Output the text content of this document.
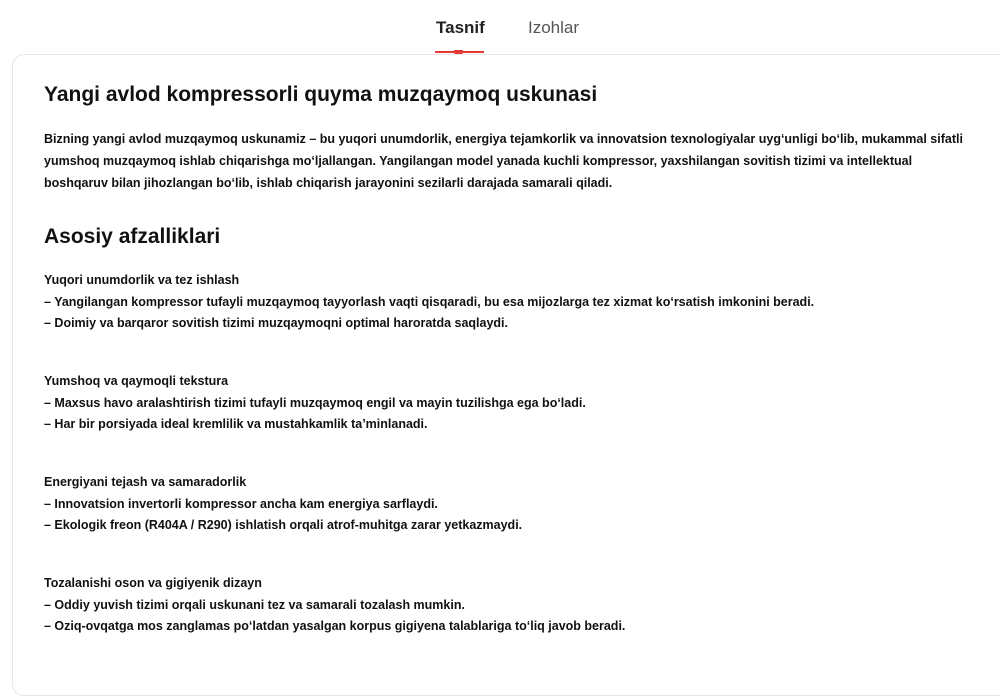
Tasnif	Izohlar
Yangi avlod kompressorli quyma muzqaymoq uskunasi

Bizning yangi avlod muzqaymoq uskunamiz – bu yuqori unumdorlik, energiya tejamkorlik va innovatsion texnologiyalar uyg‘unligi bo‘lib, mukammal sifatli yumshoq muzqaymoq ishlab chiqarishga mo‘ljallangan. Yangilangan model yanada kuchli kompressor, yaxshilangan sovitish tizimi va intellektual boshqaruv bilan jihozlangan bo‘lib, ishlab chiqarish jarayonini sezilarli darajada samarali qiladi.

Asosiy afzalliklari
Yuqori unumdorlik va tez ishlash
– Yangilangan kompressor tufayli muzqaymoq tayyorlash vaqti qisqaradi, bu esa mijozlarga tez xizmat ko‘rsatish imkonini beradi.
– Doimiy va barqaror sovitish tizimi muzqaymoqni optimal haroratda saqlaydi.
Yumshoq va qaymoqli tekstura
– Maxsus havo aralashtirish tizimi tufayli muzqaymoq engil va mayin tuzilishga ega bo‘ladi.
– Har bir porsiyada ideal kremlilik va mustahkamlik ta’minlanadi.
Energiyani tejash va samaradorlik
– Innovatsion invertorli kompressor ancha kam energiya sarflaydi.
– Ekologik freon (R404A / R290) ishlatish orqali atrof-muhitga zarar yetkazmaydi.
Tozalanishi oson va gigiyenik dizayn
– Oddiy yuvish tizimi orqali uskunani tez va samarali tozalash mumkin.
– Oziq-ovqatga mos zanglamas po‘latdan yasalgan korpus gigiyena talablariga to‘liq javob beradi.
